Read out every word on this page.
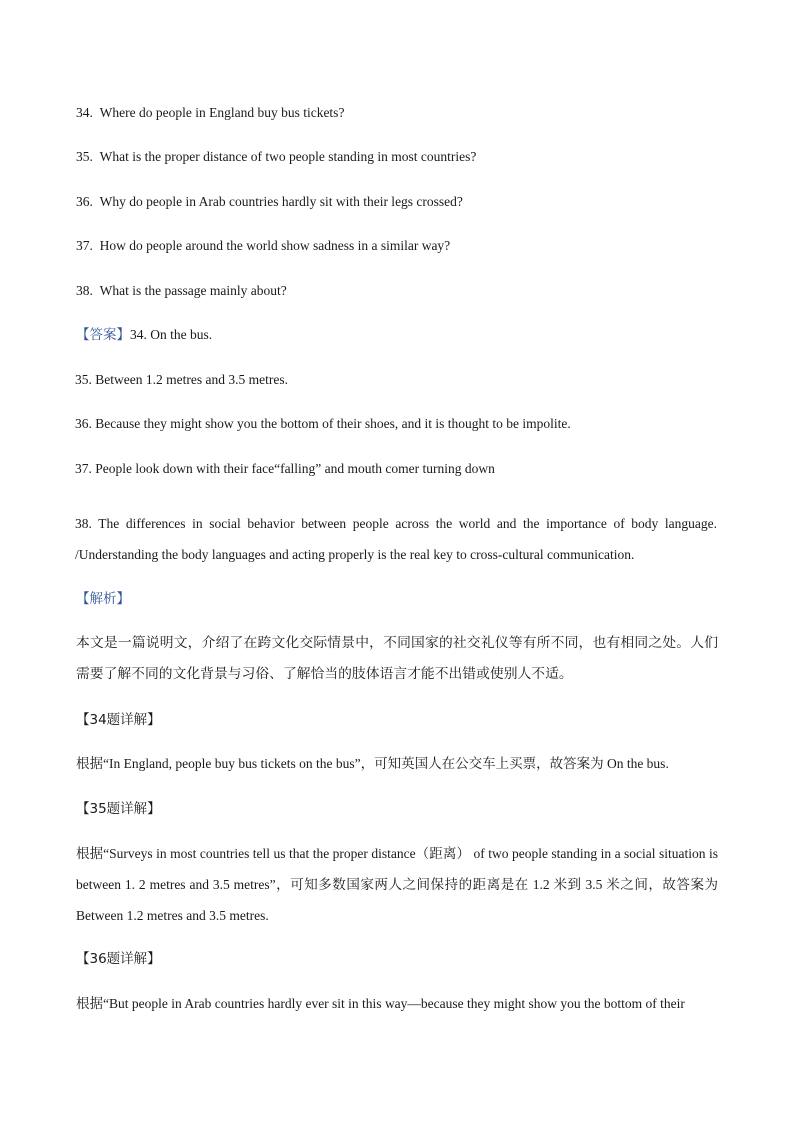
34. Where do people in England buy bus tickets?
35. What is the proper distance of two people standing in most countries?
36. Why do people in Arab countries hardly sit with their legs crossed?
37. How do people around the world show sadness in a similar way?
38. What is the passage mainly about?
【答案】34. On the bus.
35. Between 1.2 metres and 3.5 metres.
36. Because they might show you the bottom of their shoes, and it is thought to be impolite.
37. People look down with their face“falling” and mouth comer turning down
38. The differences in social behavior between people across the world and the importance of body language. /Understanding the body languages and acting properly is the real key to cross-cultural communication.
【解析】
本文是一篇说明文，介绍了在跨文化交际情景中，不同国家的社交礼仪等有所不同，也有相同之处。人们需要了解不同的文化背景与习俗、了解恰当的肢体语言才能不出错或使别人不适。
【34题详解】
根据“In England, people buy bus tickets on the bus”，可知英国人在公交车上买票，故答案为 On the bus.
【35题详解】
根据“Surveys in most countries tell us that the proper distance（距离） of two people standing in a social situation is between 1. 2 metres and 3.5 metres”，可知多数国家两人之间保持的距离是在 1.2 米到 3.5 米之间，故答案为 Between 1.2 metres and 3.5 metres.
【36题详解】
根据“But people in Arab countries hardly ever sit in this way—because they might show you the bottom of their
